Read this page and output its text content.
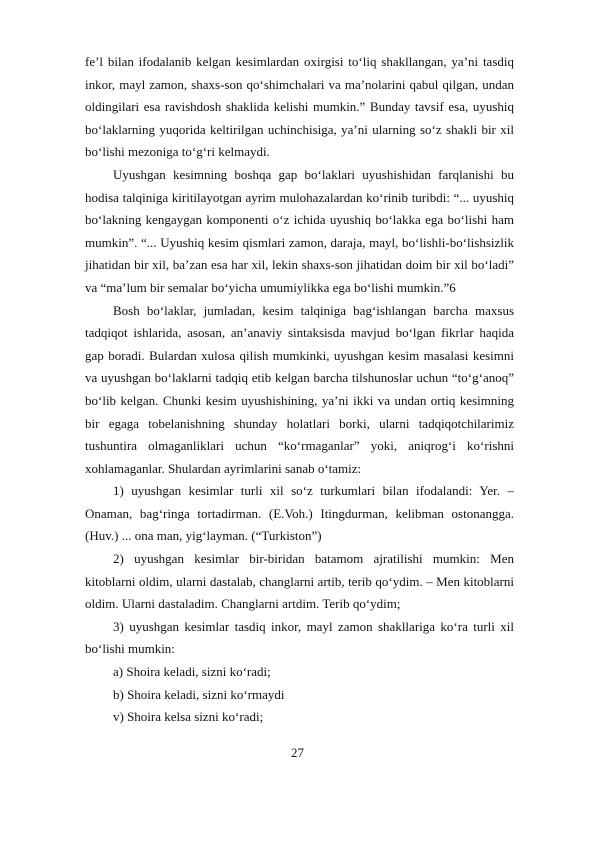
fe’l bilan ifodalanib kelgan kesimlardan oxirgisi to‘liq shakllangan, ya’ni tasdiq inkor, mayl zamon, shaxs-son qo‘shimchalari va ma’nolarini qabul qilgan, undan oldingilari esa ravishdosh shaklida kelishi mumkin.” Bunday tavsif esa, uyushiq bo‘laklarning yuqorida keltirilgan uchinchisiga, ya’ni ularning so‘z shakli bir xil bo‘lishi mezoniga to‘g‘ri kelmaydi.

Uyushgan kesimning boshqa gap bo‘laklari uyushishidan farqlanishi bu hodisa talqiniga kiritilayotgan ayrim mulohazalardan ko‘rinib turibdi: “... uyushiq bo‘lakning kengaygan komponenti o‘z ichida uyushiq bo‘lakka ega bo‘lishi ham mumkin”. “... Uyushiq kesim qismlari zamon, daraja, mayl, bo‘lishli-bo‘lishsizlik jihatidan bir xil, ba’zan esa har xil, lekin shaxs-son jihatidan doim bir xil bo‘ladi” va “ma’lum bir semalar bo‘yicha umumiylikka ega bo‘lishi mumkin.”6

Bosh bo‘laklar, jumladan, kesim talqiniga bag‘ishlangan barcha maxsus tadqiqot ishlarida, asosan, an’anaviy sintaksisda mavjud bo‘lgan fikrlar haqida gap boradi. Bulardan xulosa qilish mumkinki, uyushgan kesim masalasi kesimni va uyushgan bo‘laklarni tadqiq etib kelgan barcha tilshunoslar uchun “to‘g‘anoq” bo‘lib kelgan. Chunki kesim uyushishining, ya’ni ikki va undan ortiq kesimning bir egaga tobelanishning shunday holatlari borki, ularni tadqiqotchilarimiz tushuntira olmaganliklari uchun “ko‘rmaganlar” yoki, aniqrog‘i ko‘rishni xohlamaganlar. Shulardan ayrimlarini sanab o‘tamiz:

1) uyushgan kesimlar turli xil so‘z turkumlari bilan ifodalandi: Yer. – Onaman, bag‘ringa tortadirman. (E.Voh.) Itingdurman, kelibman ostonangga. (Huv.) ... ona man, yig‘layman. (“Turkiston”)

2) uyushgan kesimlar bir-biridan batamom ajratilishi mumkin: Men kitoblarni oldim, ularni dastalab, changlarni artib, terib qo‘ydim. – Men kitoblarni oldim. Ularni dastaladim. Changlarni artdim. Terib qo‘ydim;

3) uyushgan kesimlar tasdiq inkor, mayl zamon shakllariga ko‘ra turli xil bo‘lishi mumkin:

a) Shoira keladi, sizni ko‘radi;

b) Shoira keladi, sizni ko‘rmaydi

v) Shoira kelsa sizni ko‘radi;

27
